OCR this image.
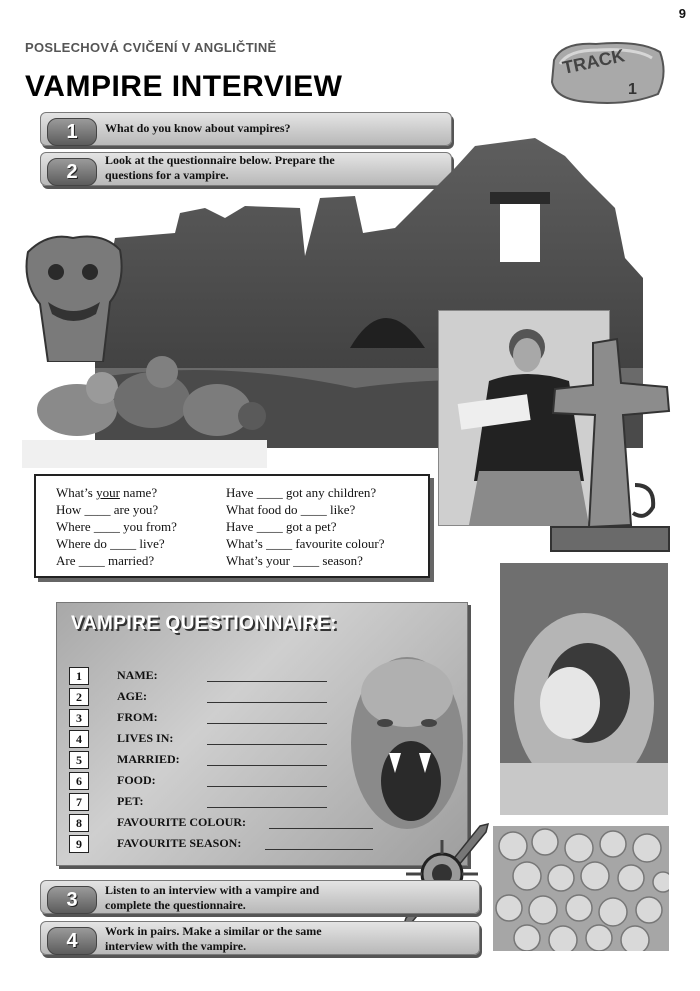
9
POSLECHOVÁ CVIČENÍ V ANGLIČTINĚ
VAMPIRE INTERVIEW
TRACK
1
1	What do you know about vampires?
2
Look at the questionnaire below. Prepare the
questions for a vampire.
What’s your name?
How ____ are you?
Where ____ you from?
Where do ____ live?
Are ____ married?
Have ____ got any children?
What food do ____ like?
Have ____ got a pet?
What’s ____ favourite colour?
What’s your ____ season?
VAMPIRE QUESTIONNAIRE:
1	NAME:
2	AGE:
3	FROM:
4	LIVES IN:
5	MARRIED:
6	FOOD:
7	PET:
8	FAVOURITE COLOUR:
9	FAVOURITE SEASON:
3	Listen to an interview with a vampire and
complete the questionnaire.
4	Work in pairs. Make a similar or the same
interview with the vampire.
